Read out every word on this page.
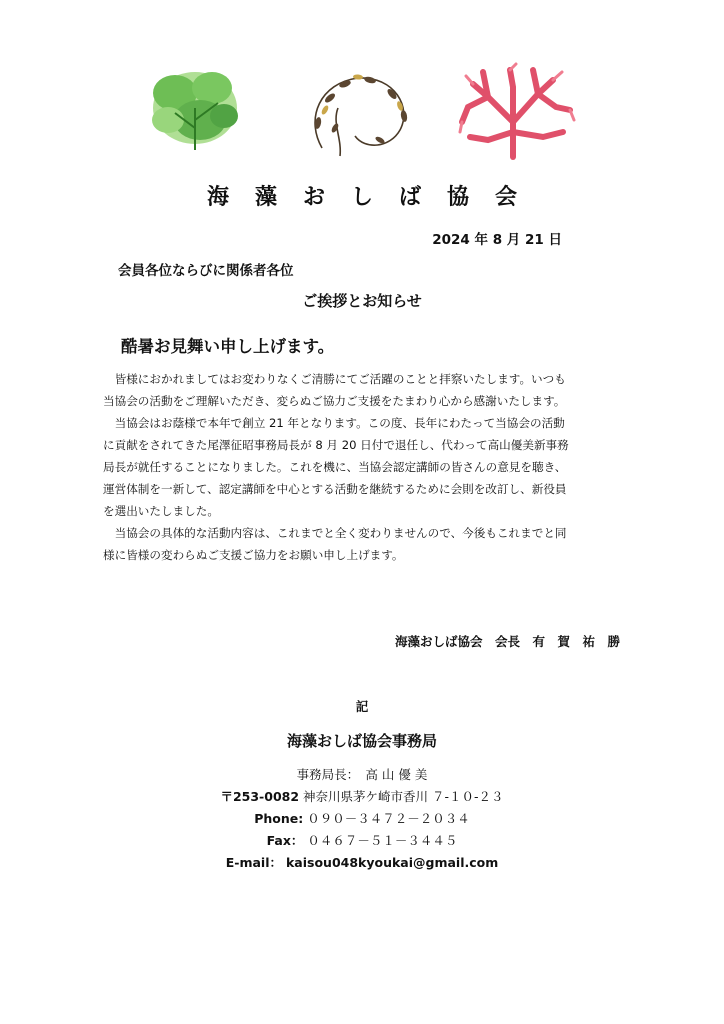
海藻おしば協会
2024 年 8 月 21 日
会員各位ならびに関係者各位
ご挨拶とお知らせ
酷暑お見舞い申し上げます。

皆様におかれましてはお変わりなくご清勝にてご活躍のことと拝察いたします。いつも
当協会の活動をご理解いただき、変らぬご協力ご支援をたまわり心から感謝いたします。

当協会はお蔭様で本年で創立 21 年となります。この度、長年にわたって当協会の活動
に貢献をされてきた尾澤征昭事務局長が 8 月 20 日付で退任し、代わって高山優美新事務
局長が就任することになりました。これを機に、当協会認定講師の皆さんの意見を聴き、
運営体制を一新して、認定講師を中心とする活動を継続するために会則を改訂し、新役員
を選出いたしました。

当協会の具体的な活動内容は、これまでと全く変わりませんので、今後もこれまでと同
様に皆様の変わらぬご支援ご協力をお願い申し上げます。

海藻おしば協会　会長　有　賀　祐　勝
記
海藻おしば協会事務局
事務局長：　 高 山 優 美
〒253-0082 神奈川県茅ケ崎市香川 ７-１０-２３
Phone: ０９０－３４７２－２０３４
Fax： ０４６７－５１－３４４５
E-mail： kaisou048kyoukai@gmail.com
